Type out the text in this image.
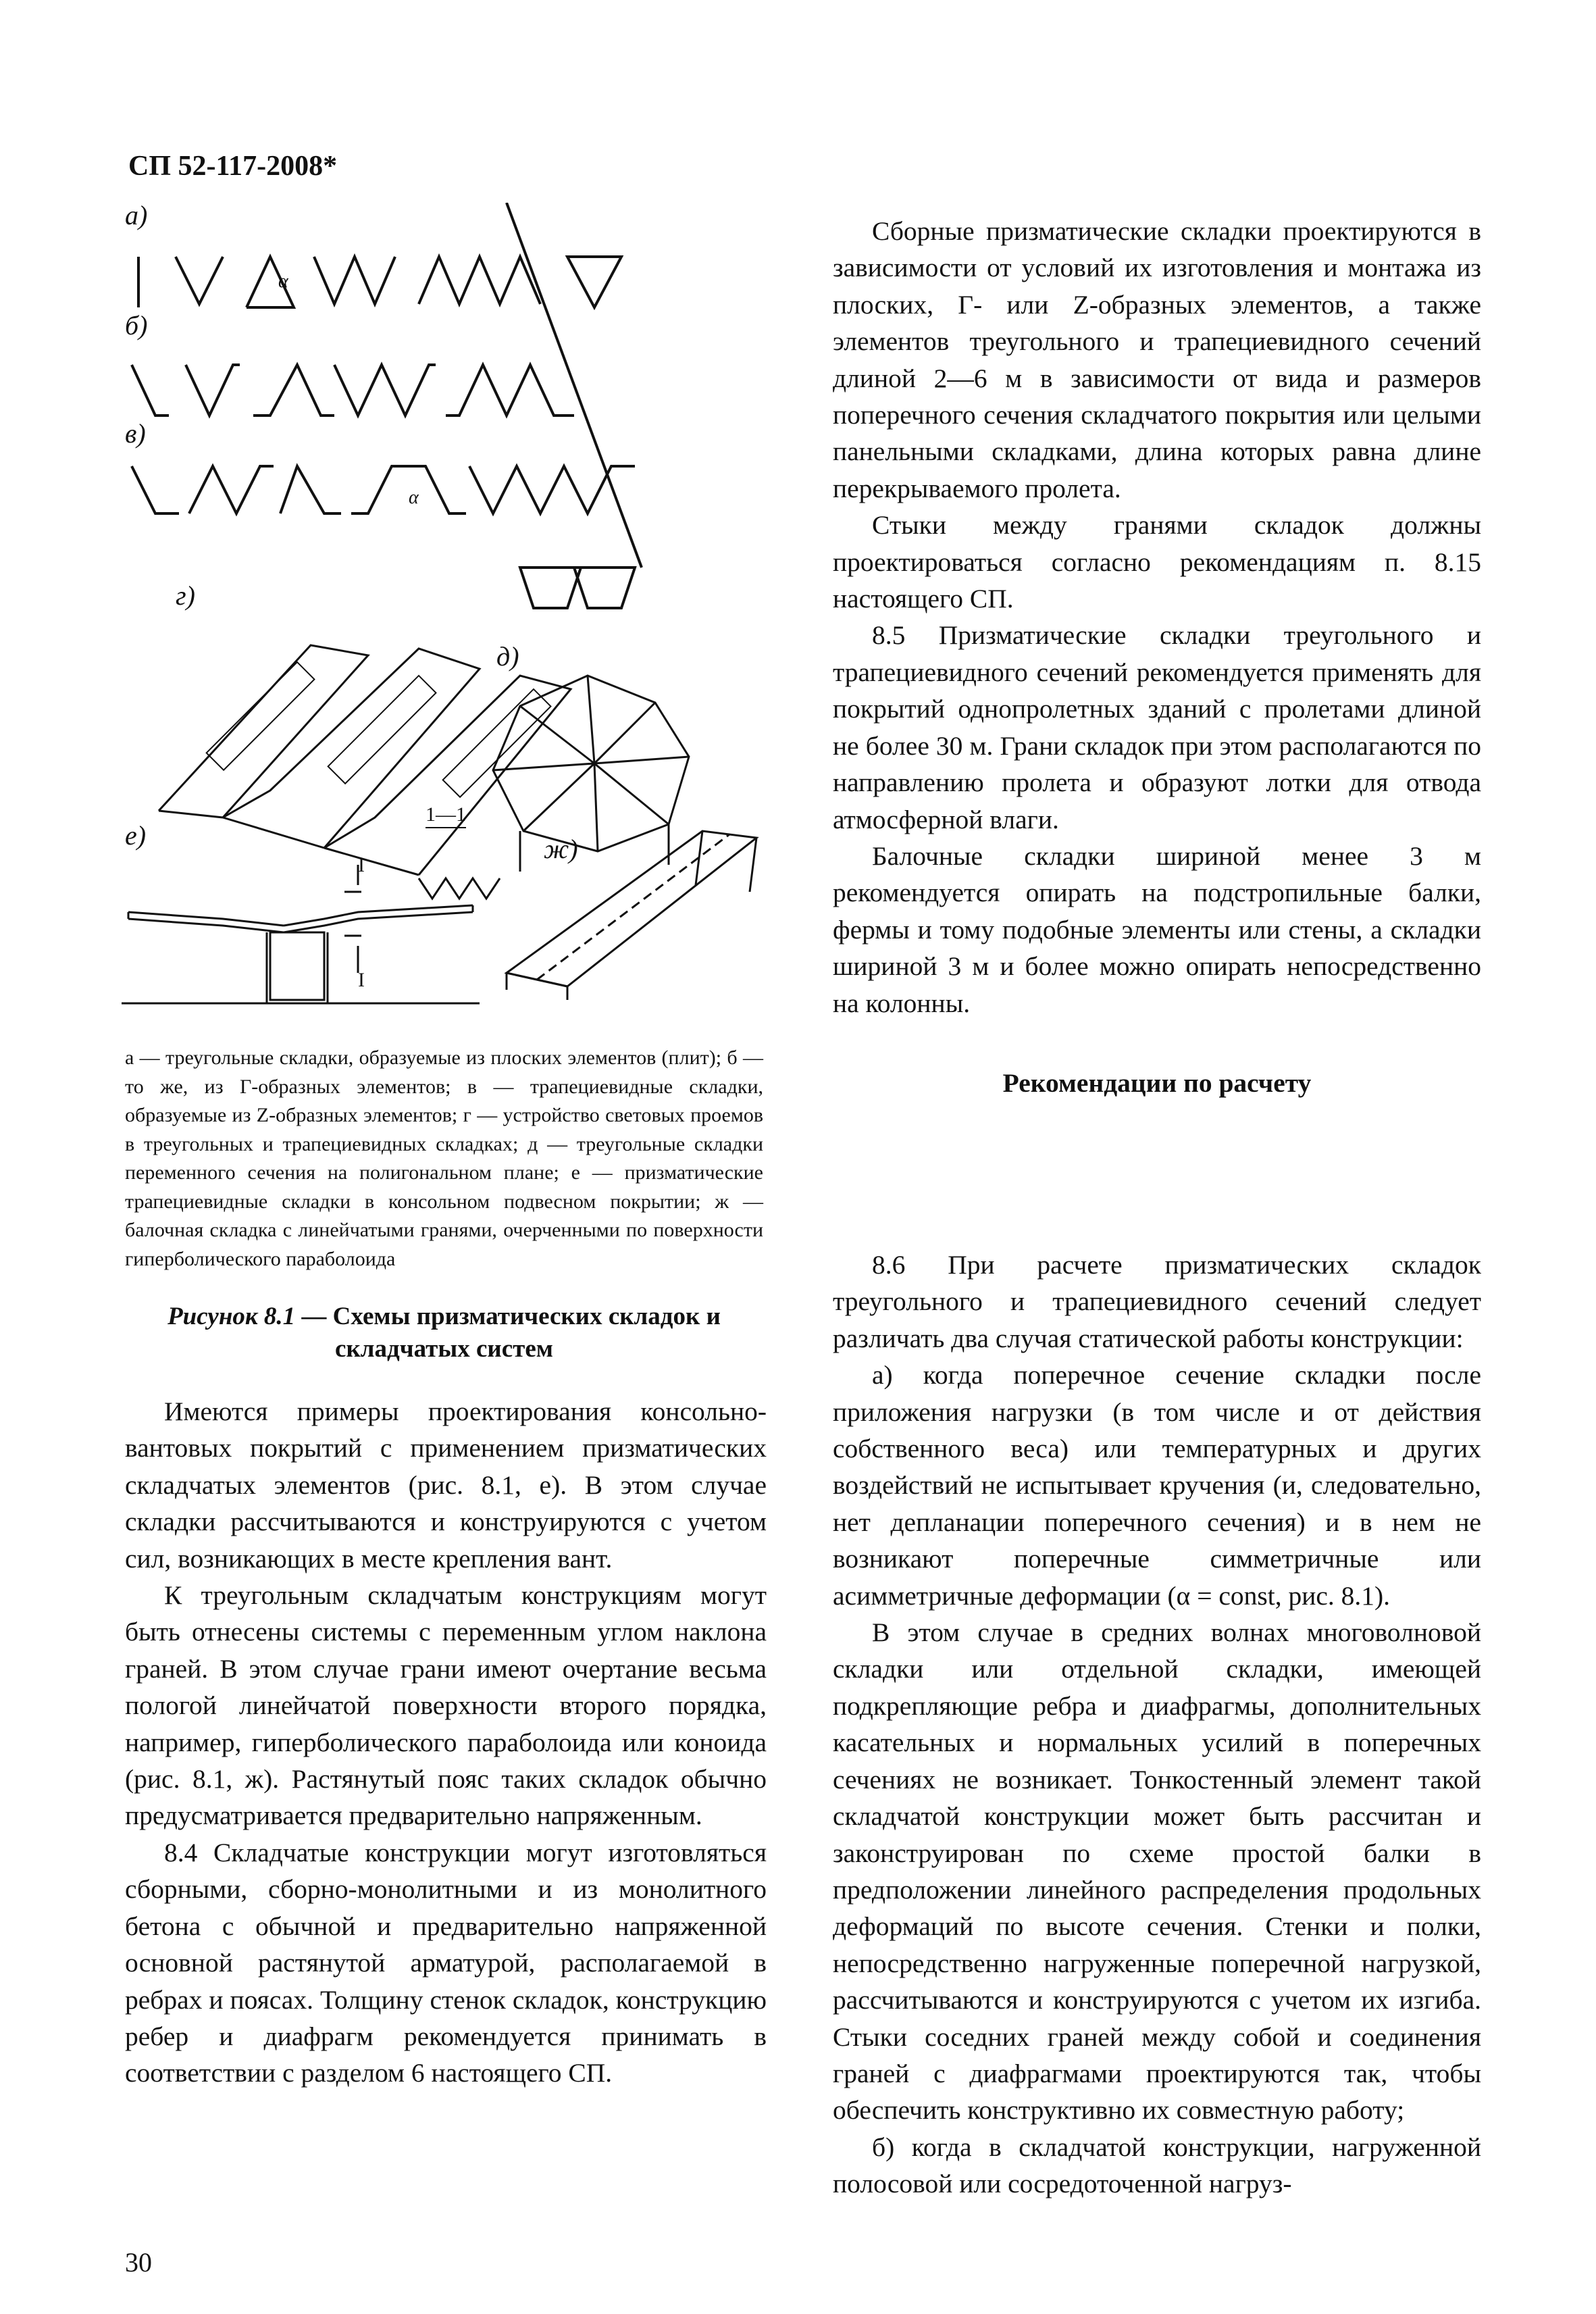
СП 52-117-2008*
а)
α
б)
в)
α
г)
д)
е)
1—1
I
I
ж)

а — треугольные складки, образуемые из плоских элементов (плит); б — то же, из Г-образных элементов; в — трапециевидные складки, образуемые из Z-образных элементов; г — устройство световых проемов в треугольных и трапециевидных складках; д — треугольные складки переменного сечения на полигональном плане; е — призматические трапециевидные складки в консольном подвесном покрытии; ж — балочная складка с линейчатыми гранями, очерченными по поверхности гиперболического параболоида

Рисунок 8.1 — Схемы призматических складок и складчатых систем

Имеются примеры проектирования консольно-вантовых покрытий с применением призматических складчатых элементов (рис. 8.1, е). В этом случае складки рассчитываются и конструируются с учетом сил, возникающих в месте крепления вант.

К треугольным складчатым конструкциям могут быть отнесены системы с переменным углом наклона граней. В этом случае грани имеют очертание весьма пологой линейчатой поверхности второго порядка, например, гиперболического параболоида или коноида (рис. 8.1, ж). Растянутый пояс таких складок обычно предусматривается предварительно напряженным.

8.4 Складчатые конструкции могут изготовляться сборными, сборно-монолитными и из монолитного бетона с обычной и предварительно напряженной основной растянутой арматурой, располагаемой в ребрах и поясах. Толщину стенок складок, конструкцию ребер и диафрагм рекомендуется принимать в соответствии с разделом 6 настоящего СП.

Сборные призматические складки проектируются в зависимости от условий их изготовления и монтажа из плоских, Г- или Z-образных элементов, а также элементов треугольного и трапециевидного сечений длиной 2—6 м в зависимости от вида и размеров поперечного сечения складчатого покрытия или целыми панельными складками, длина которых равна длине перекрываемого пролета.

Стыки между гранями складок должны проектироваться согласно рекомендациям п. 8.15 настоящего СП.

8.5 Призматические складки треугольного и трапециевидного сечений рекомендуется применять для покрытий однопролетных зданий с пролетами длиной не более 30 м. Грани складок при этом располагаются по направлению пролета и образуют лотки для отвода атмосферной влаги.

Балочные складки шириной менее 3 м рекомендуется опирать на подстропильные балки, фермы и тому подобные элементы или стены, а складки шириной 3 м и более можно опирать непосредственно на колонны.

Рекомендации по расчету

8.6 При расчете призматических складок треугольного и трапециевидного сечений следует различать два случая статической работы конструкции:

а) когда поперечное сечение складки после приложения нагрузки (в том числе и от действия собственного веса) или температурных и других воздействий не испытывает кручения (и, следовательно, нет депланации поперечного сечения) и в нем не возникают поперечные симметричные или асимметричные деформации (α = const, рис. 8.1).

В этом случае в средних волнах многоволновой складки или отдельной складки, имеющей подкрепляющие ребра и диафрагмы, дополнительных касательных и нормальных усилий в поперечных сечениях не возникает. Тонкостенный элемент такой складчатой конструкции может быть рассчитан и законструирован по схеме простой балки в предположении линейного распределения продольных деформаций по высоте сечения. Стенки и полки, непосредственно нагруженные поперечной нагрузкой, рассчитываются и конструируются с учетом их изгиба. Стыки соседних граней между собой и соединения граней с диафрагмами проектируются так, чтобы обеспечить конструктивно их совместную работу;

б) когда в складчатой конструкции, нагруженной полосовой или сосредоточенной нагруз-

30
